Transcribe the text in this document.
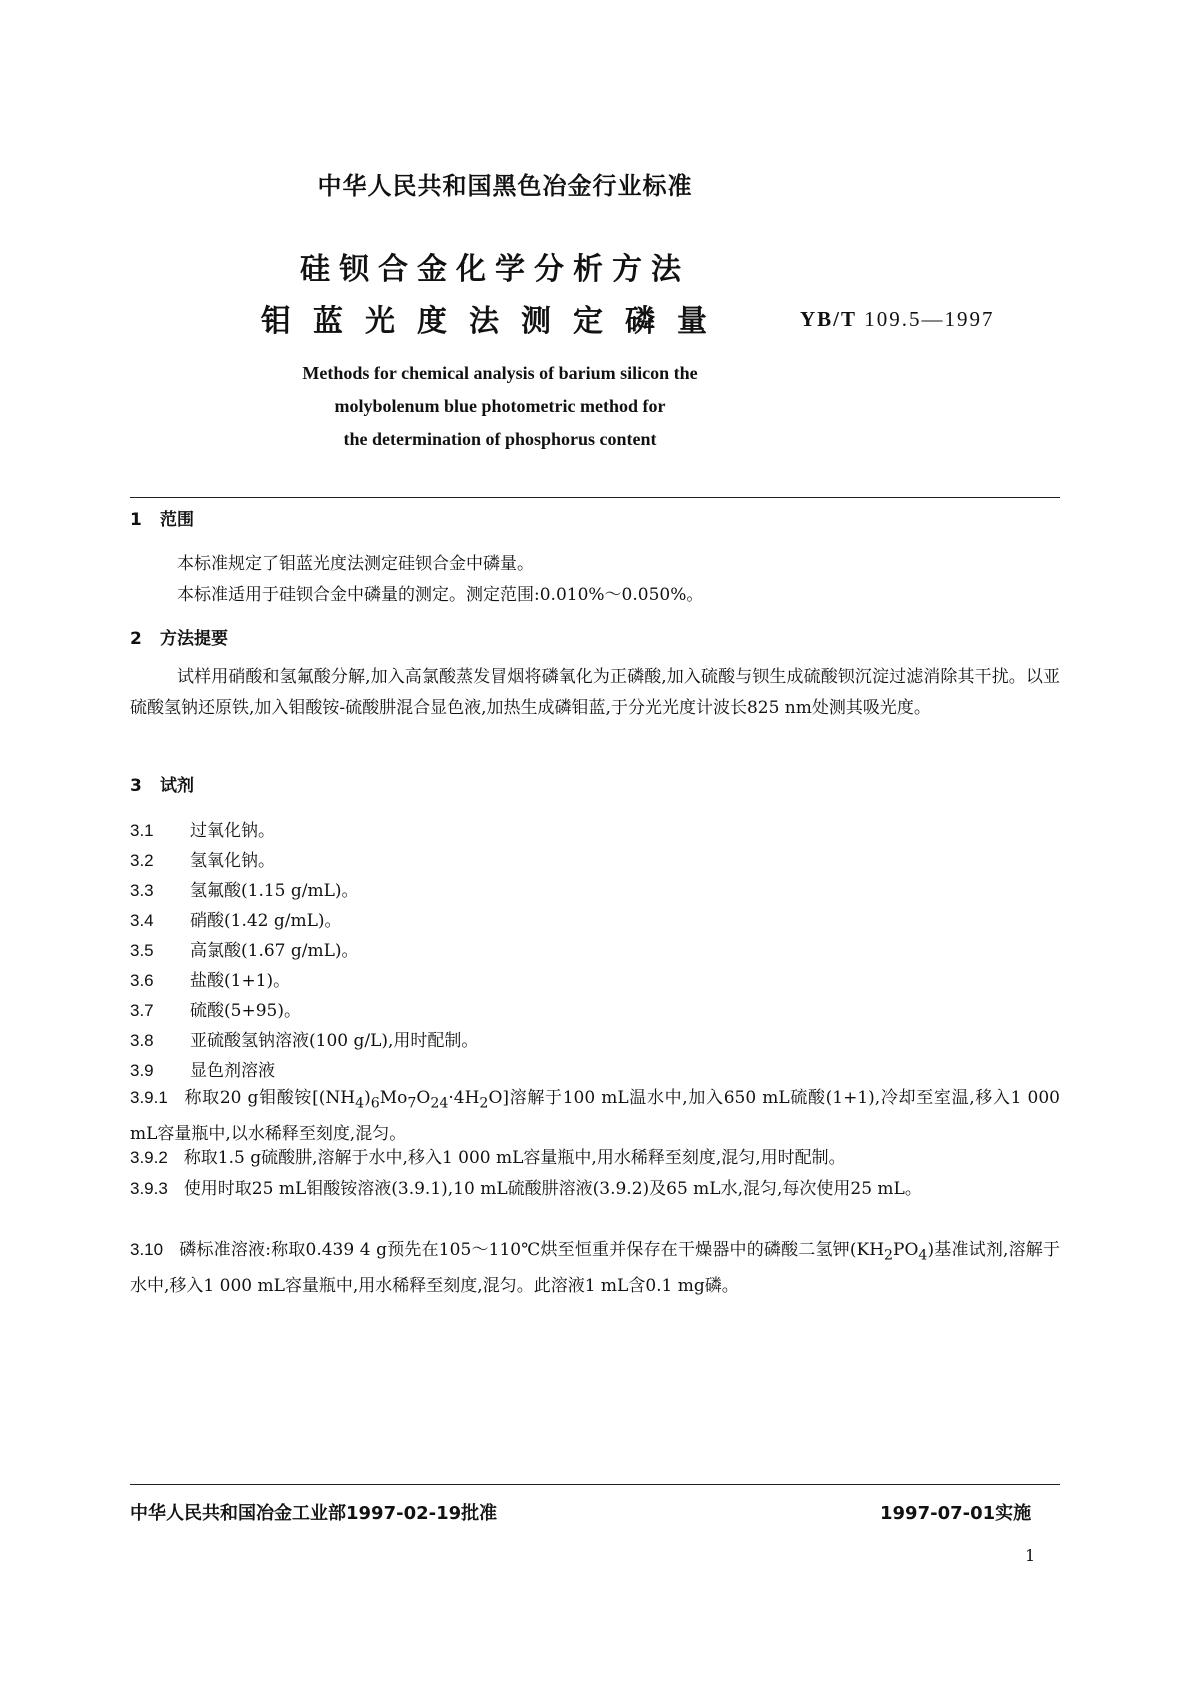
中华人民共和国黑色冶金行业标准
硅钡合金化学分析方法
钼蓝光度法测定磷量	YB/T 109.5—1997
Methods for chemical analysis of barium silicon the
molybolenum blue photometric method for
the determination of phosphorus content
1 范围
本标准规定了钼蓝光度法测定硅钡合金中磷量。
本标准适用于硅钡合金中磷量的测定。测定范围:0.010%～0.050%。
2 方法提要
试样用硝酸和氢氟酸分解,加入高氯酸蒸发冒烟将磷氧化为正磷酸,加入硫酸与钡生成硫酸钡沉淀过滤消除其干扰。以亚硫酸氢钠还原铁,加入钼酸铵-硫酸肼混合显色液,加热生成磷钼蓝,于分光光度计波长825 nm处测其吸光度。
3 试剂
3.1 过氧化钠。
3.2 氢氧化钠。
3.3 氢氟酸(1.15 g/mL)。
3.4 硝酸(1.42 g/mL)。
3.5 高氯酸(1.67 g/mL)。
3.6 盐酸(1+1)。
3.7 硫酸(5+95)。
3.8 亚硫酸氢钠溶液(100 g/L),用时配制。
3.9 显色剂溶液
3.9.1 称取20 g钼酸铵$[(NH_4)_6Mo_7O_{24}\cdot 4H_2O]$溶解于100 mL温水中,加入650 mL硫酸(1+1),冷却至室温,移入1 000 mL容量瓶中,以水稀释至刻度,混匀。
3.9.2 称取1.5 g硫酸肼,溶解于水中,移入1 000 mL容量瓶中,用水稀释至刻度,混匀,用时配制。
3.9.3 使用时取25 mL钼酸铵溶液(3.9.1),10 mL硫酸肼溶液(3.9.2)及65 mL水,混匀,每次使用25 mL。
3.10 磷标准溶液:称取0.439 4 g预先在105～110℃烘至恒重并保存在干燥器中的磷酸二氢钾$(KH_2PO_4)$基准试剂,溶解于水中,移入1 000 mL容量瓶中,用水稀释至刻度,混匀。此溶液1 mL含0.1 mg磷。
中华人民共和国冶金工业部1997-02-19批准	1997-07-01实施
1
